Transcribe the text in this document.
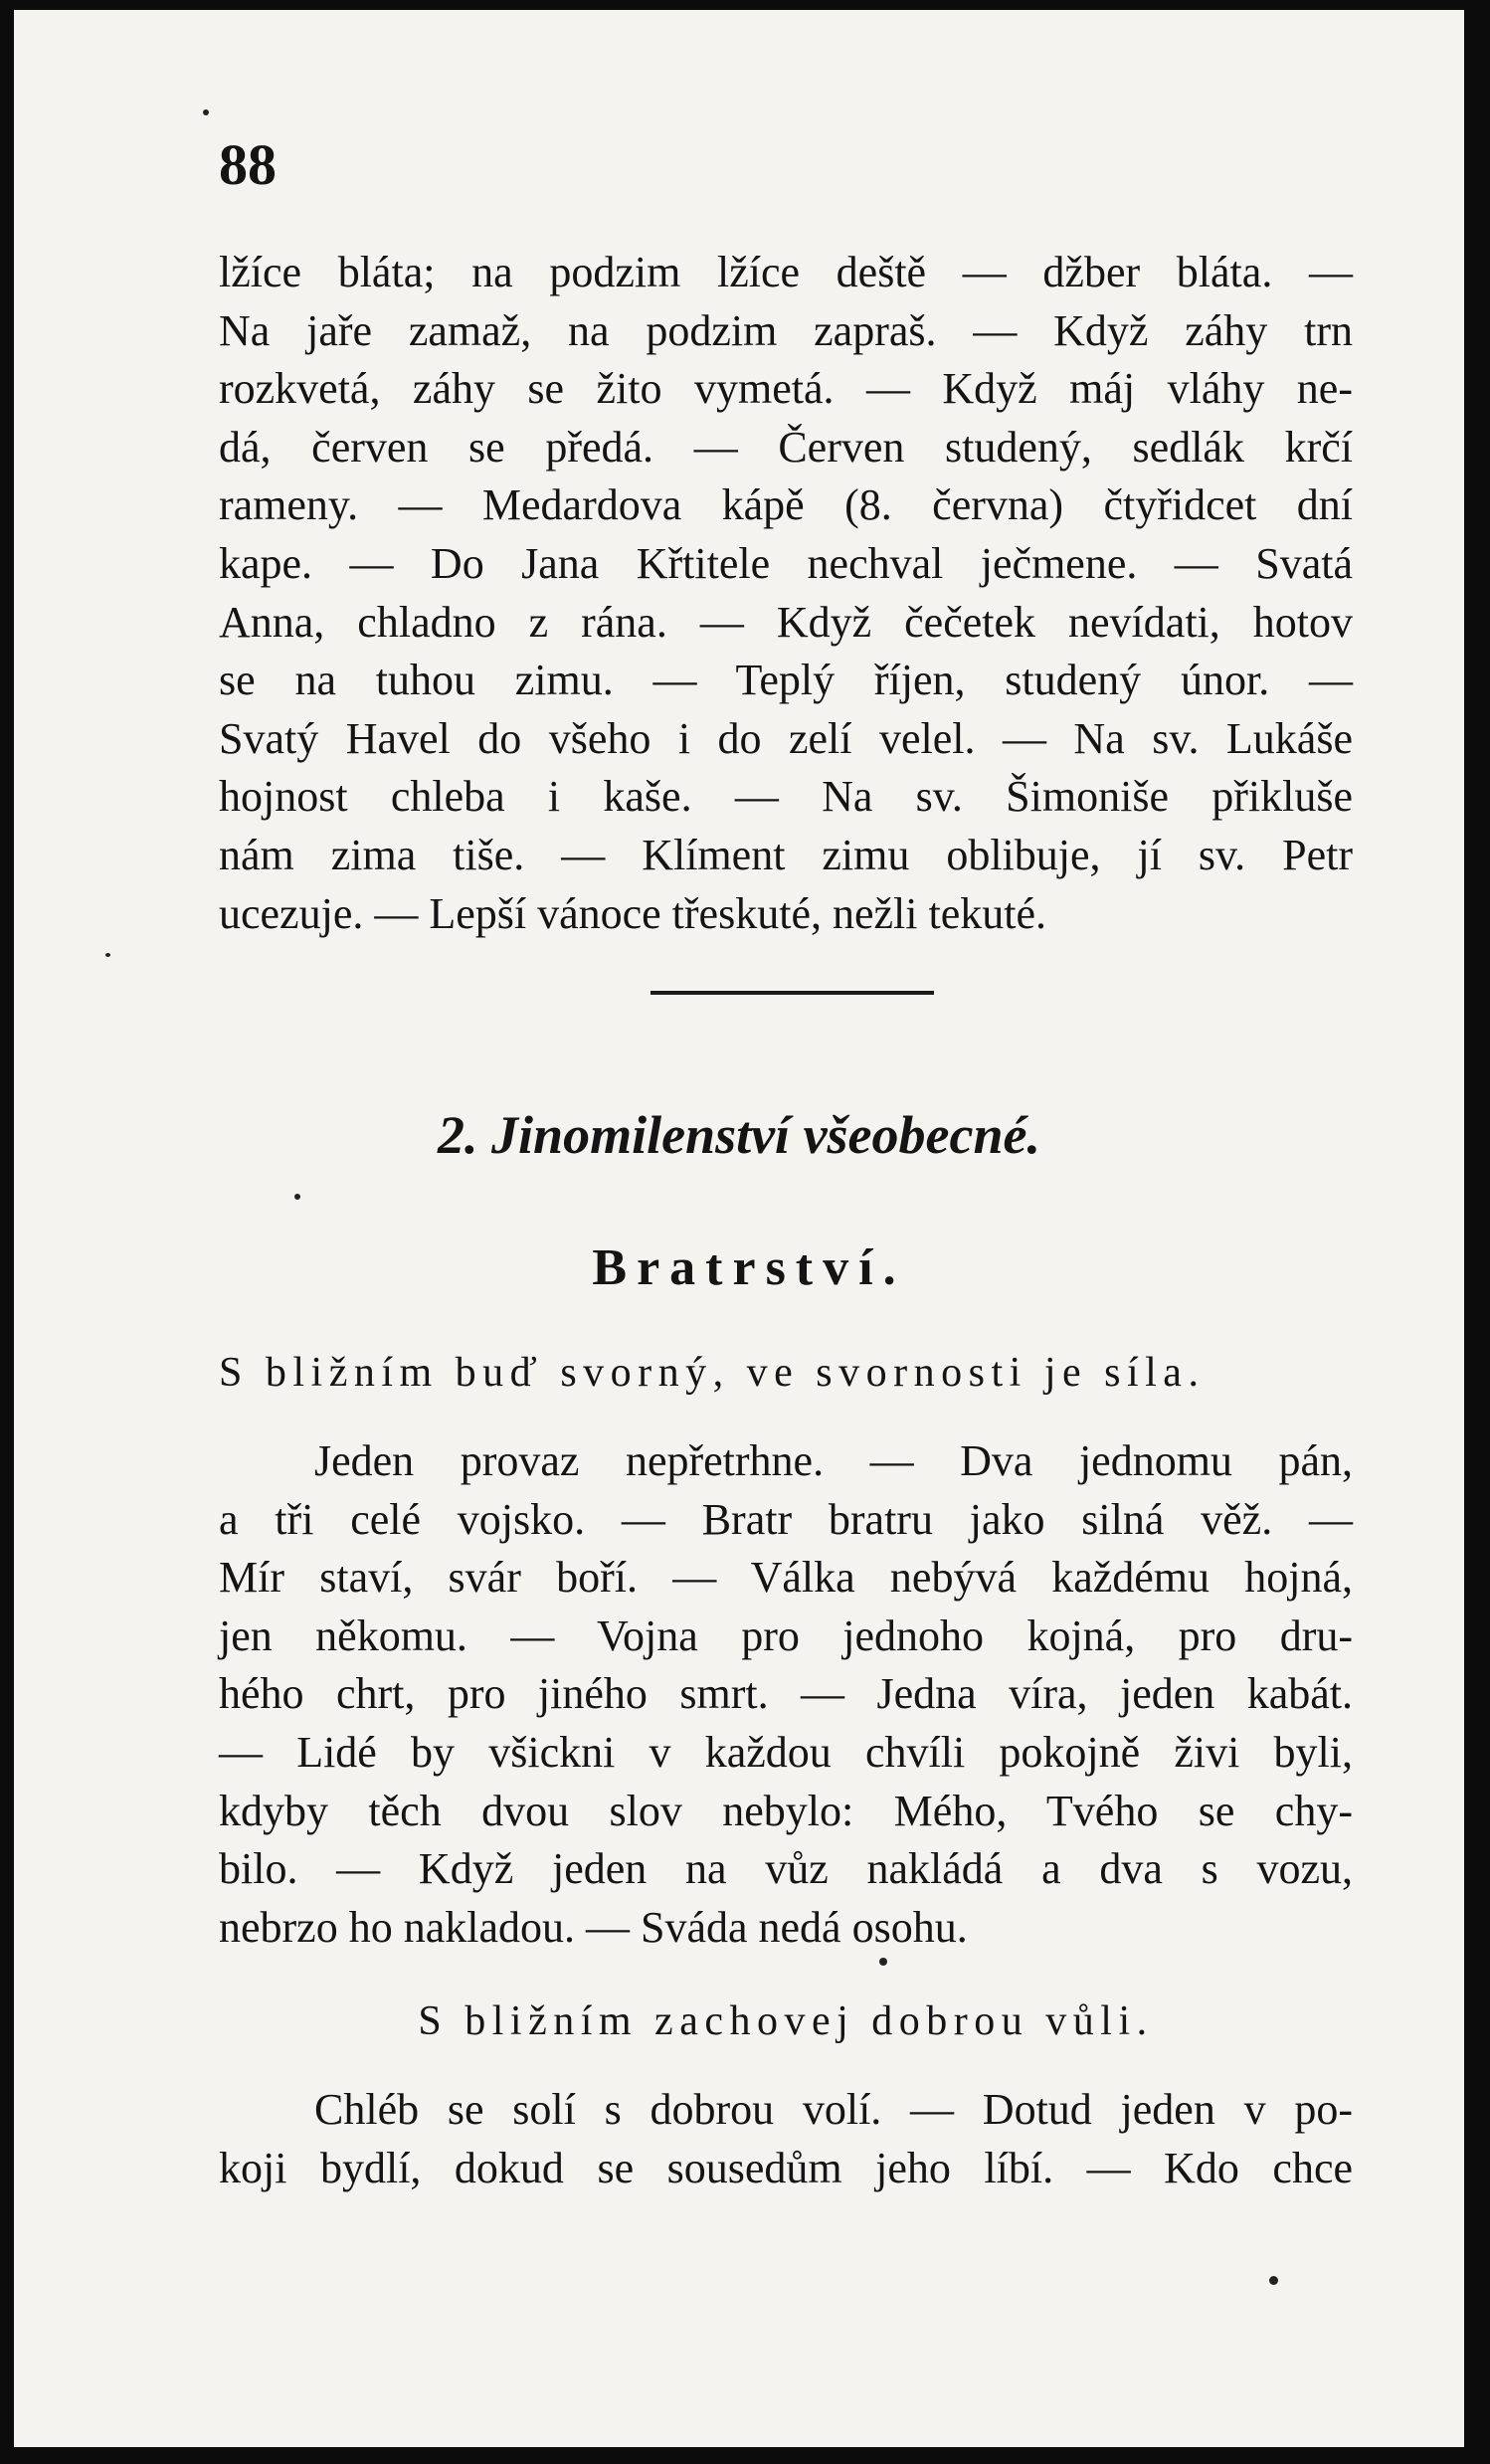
88

lžíce bláta; na podzim lžíce deště — džber bláta. —
Na jaře zamaž, na podzim zapraš. — Když záhy trn
rozkvetá, záhy se žito vymetá. — Když máj vláhy ne-
dá, červen se předá. — Červen studený, sedlák krčí
rameny. — Medardova kápě (8. června) čtyřidcet dní
kape. — Do Jana Křtitele nechval ječmene. — Svatá
Anna, chladno z rána. — Když čečetek nevídati, hotov
se na tuhou zimu. — Teplý říjen, studený únor. —
Svatý Havel do všeho i do zelí velel. — Na sv. Lukáše
hojnost chleba i kaše. — Na sv. Šimoniše přikluše
nám zima tiše. — Klíment zimu oblibuje, jí sv. Petr
ucezuje. — Lepší vánoce třeskuté, nežli tekuté.

2. Jinomilenství všeobecné.

Bratrství.

S bližním buď svorný, ve svornosti je síla.

Jeden provaz nepřetrhne. — Dva jednomu pán,
a tři celé vojsko. — Bratr bratru jako silná věž. —
Mír staví, svár boří. — Válka nebývá každému hojná,
jen někomu. — Vojna pro jednoho kojná, pro dru-
hého chrt, pro jiného smrt. — Jedna víra, jeden kabát.
— Lidé by všickni v každou chvíli pokojně živi byli,
kdyby těch dvou slov nebylo: Mého, Tvého se chy-
bilo. — Když jeden na vůz nakládá a dva s vozu,
nebrzo ho nakladou. — Sváda nedá osohu.

S bližním zachovej dobrou vůli.

Chléb se solí s dobrou volí. — Dotud jeden v po-
koji bydlí, dokud se sousedům jeho líbí. — Kdo chce
